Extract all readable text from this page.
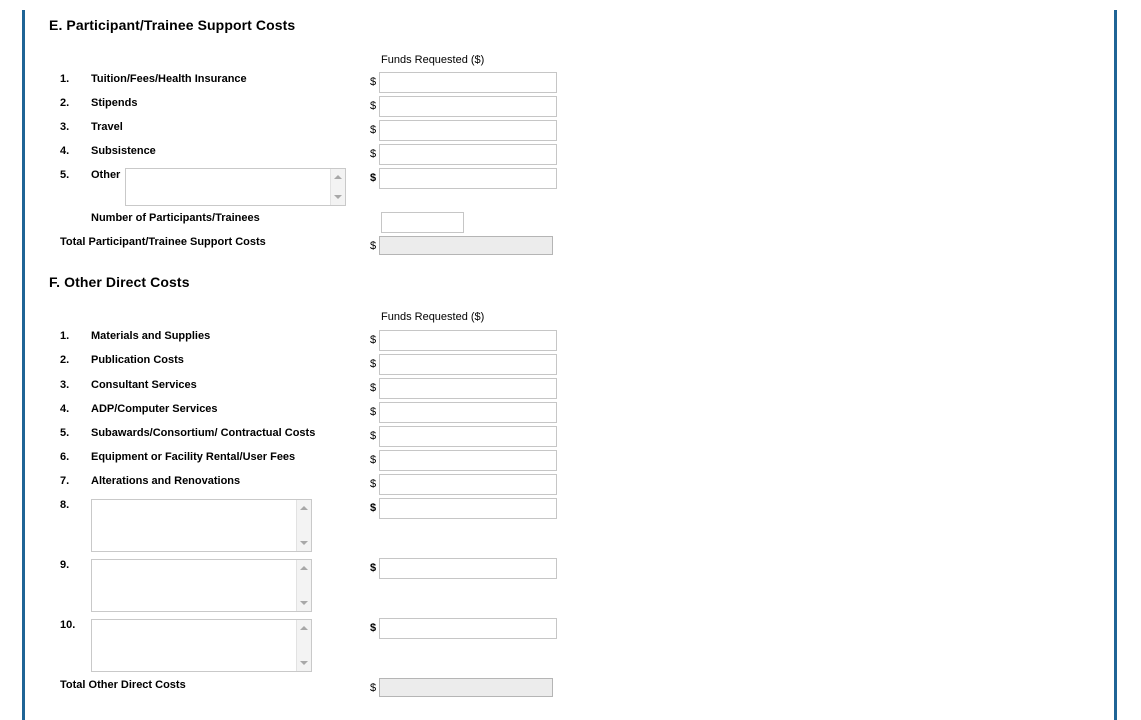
E. Participant/Trainee Support Costs
Funds Requested ($)
1. Tuition/Fees/Health Insurance	$
2. Stipends	$
3. Travel	$
4. Subsistence	$
5. Other	$
Number of Participants/Trainees
Total Participant/Trainee Support Costs	$
F. Other Direct Costs
Funds Requested ($)
1. Materials and Supplies	$
2. Publication Costs	$
3. Consultant Services	$
4. ADP/Computer Services	$
5. Subawards/Consortium/ Contractual Costs	$
6. Equipment or Facility Rental/User Fees	$
7. Alterations and Renovations	$
8.	$
9.	$
10.	$
Total Other Direct Costs	$
